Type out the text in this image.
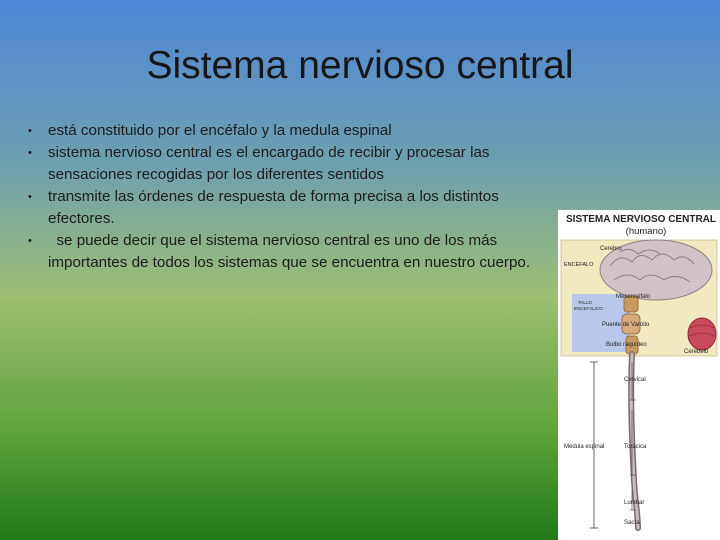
Sistema nervioso central
• está constituido por el encéfalo y la medula espinal
• sistema nervioso central es el encargado de recibir y procesar las sensaciones recogidas por los diferentes sentidos
• transmite las órdenes de respuesta de forma precisa a los distintos efectores.
• se puede decir que el sistema nervioso central es uno de los más importantes de todos los sistemas que se encuentra en nuestro cuerpo.
SISTEMA NERVIOSO CENTRAL
(humano)
Cerebro
ENCÉFALO
TALLO
ENCEFÁLICO
Mesencéfalo
Puente de Varolio
Bulbo raquídeo
Cerebelo
Cervical
Médula espinal	Torácica
Lumbar
Sacra
